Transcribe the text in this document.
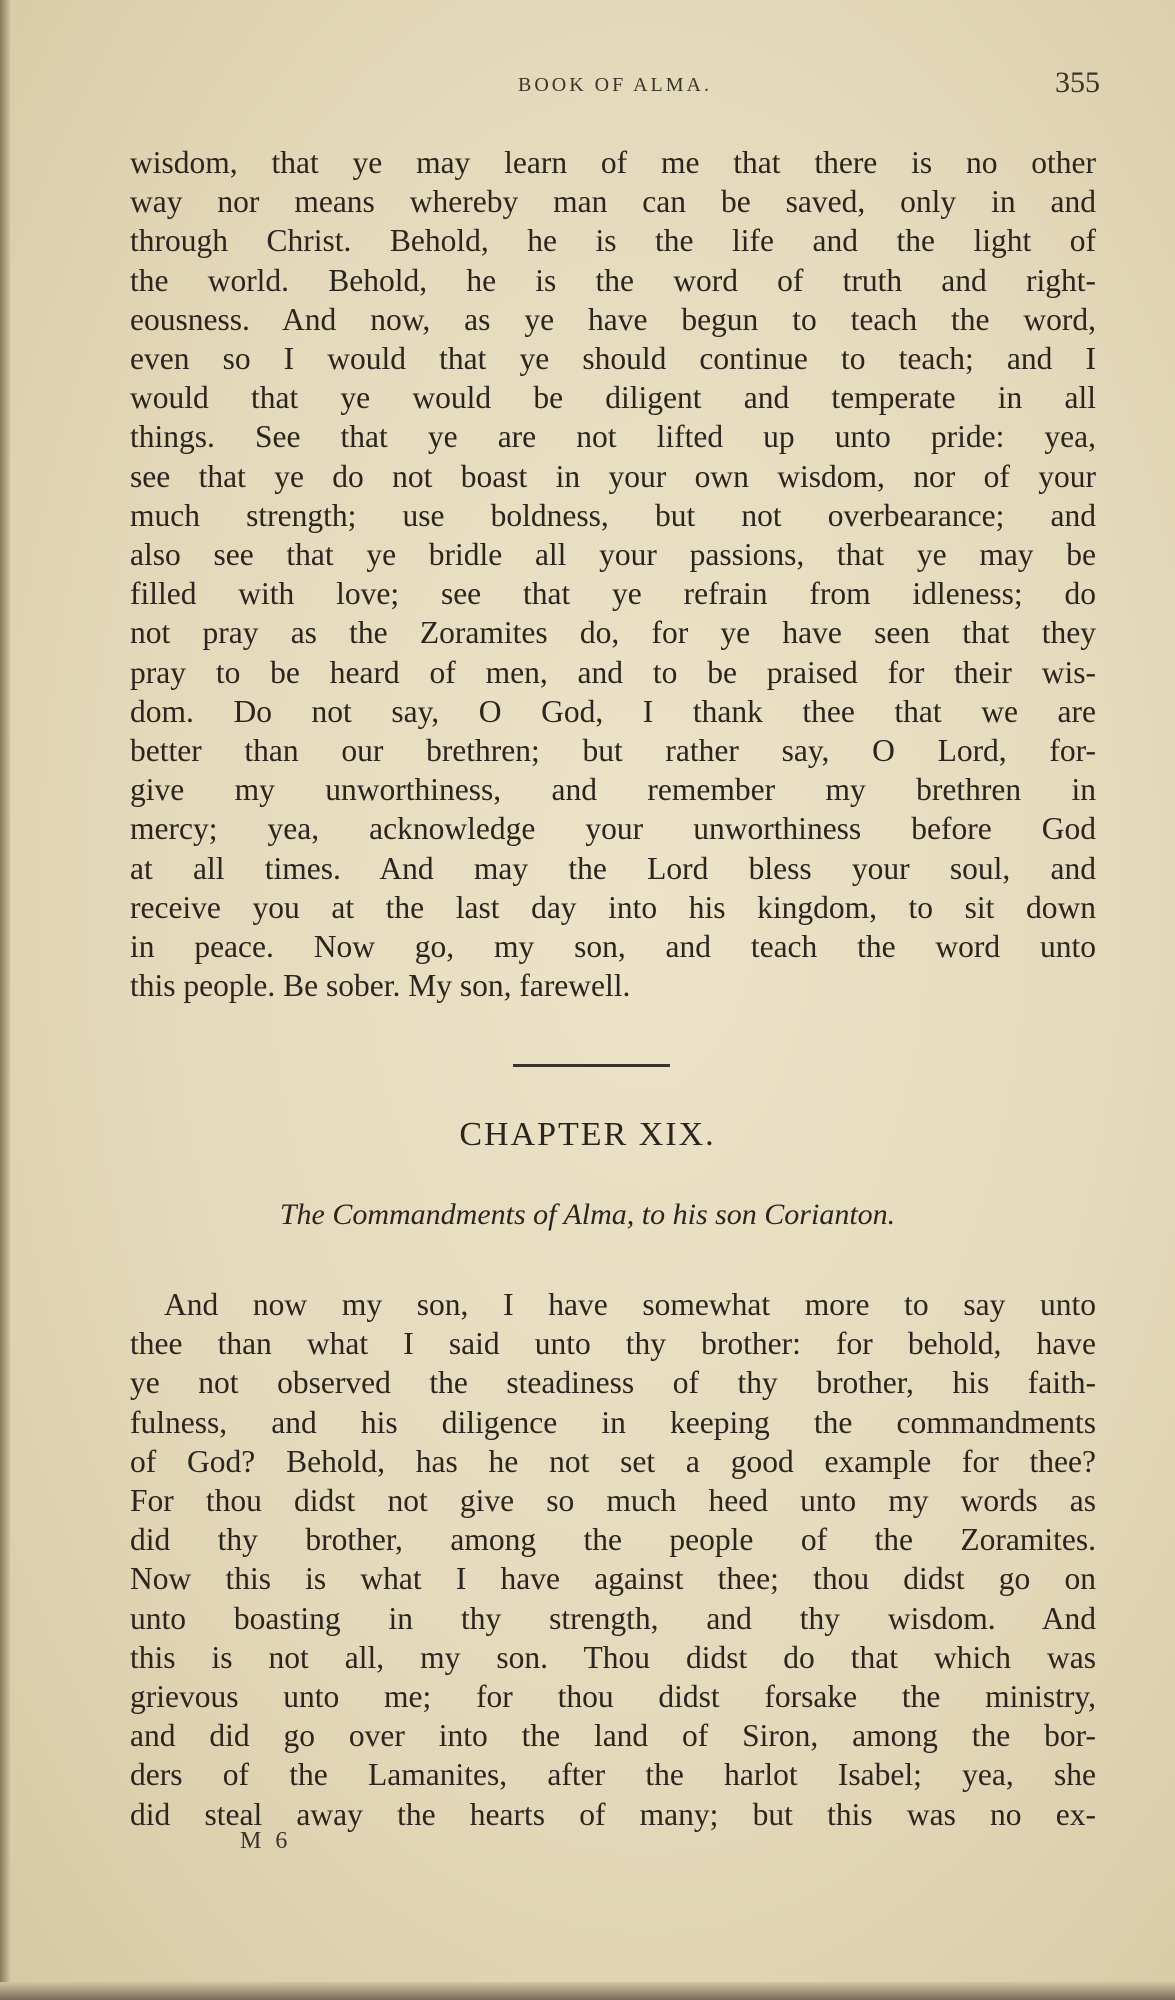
BOOK OF ALMA.	355
wisdom, that ye may learn of me that there is no other
way nor means whereby man can be saved, only in and
through Christ. Behold, he is the life and the light of
the world. Behold, he is the word of truth and right-
eousness. And now, as ye have begun to teach the word,
even so I would that ye should continue to teach; and I
would that ye would be diligent and temperate in all
things. See that ye are not lifted up unto pride: yea,
see that ye do not boast in your own wisdom, nor of your
much strength; use boldness, but not overbearance; and
also see that ye bridle all your passions, that ye may be
filled with love; see that ye refrain from idleness; do
not pray as the Zoramites do, for ye have seen that they
pray to be heard of men, and to be praised for their wis-
dom. Do not say, O God, I thank thee that we are
better than our brethren; but rather say, O Lord, for-
give my unworthiness, and remember my brethren in
mercy; yea, acknowledge your unworthiness before God
at all times. And may the Lord bless your soul, and
receive you at the last day into his kingdom, to sit down
in peace. Now go, my son, and teach the word unto
this people. Be sober. My son, farewell.
CHAPTER XIX.
The Commandments of Alma, to his son Corianton.
And now my son, I have somewhat more to say unto
thee than what I said unto thy brother: for behold, have
ye not observed the steadiness of thy brother, his faith-
fulness, and his diligence in keeping the commandments
of God? Behold, has he not set a good example for thee?
For thou didst not give so much heed unto my words as
did thy brother, among the people of the Zoramites.
Now this is what I have against thee; thou didst go on
unto boasting in thy strength, and thy wisdom. And
this is not all, my son. Thou didst do that which was
grievous unto me; for thou didst forsake the ministry,
and did go over into the land of Siron, among the bor-
ders of the Lamanites, after the harlot Isabel; yea, she
did steal away the hearts of many; but this was no ex-
M 6
